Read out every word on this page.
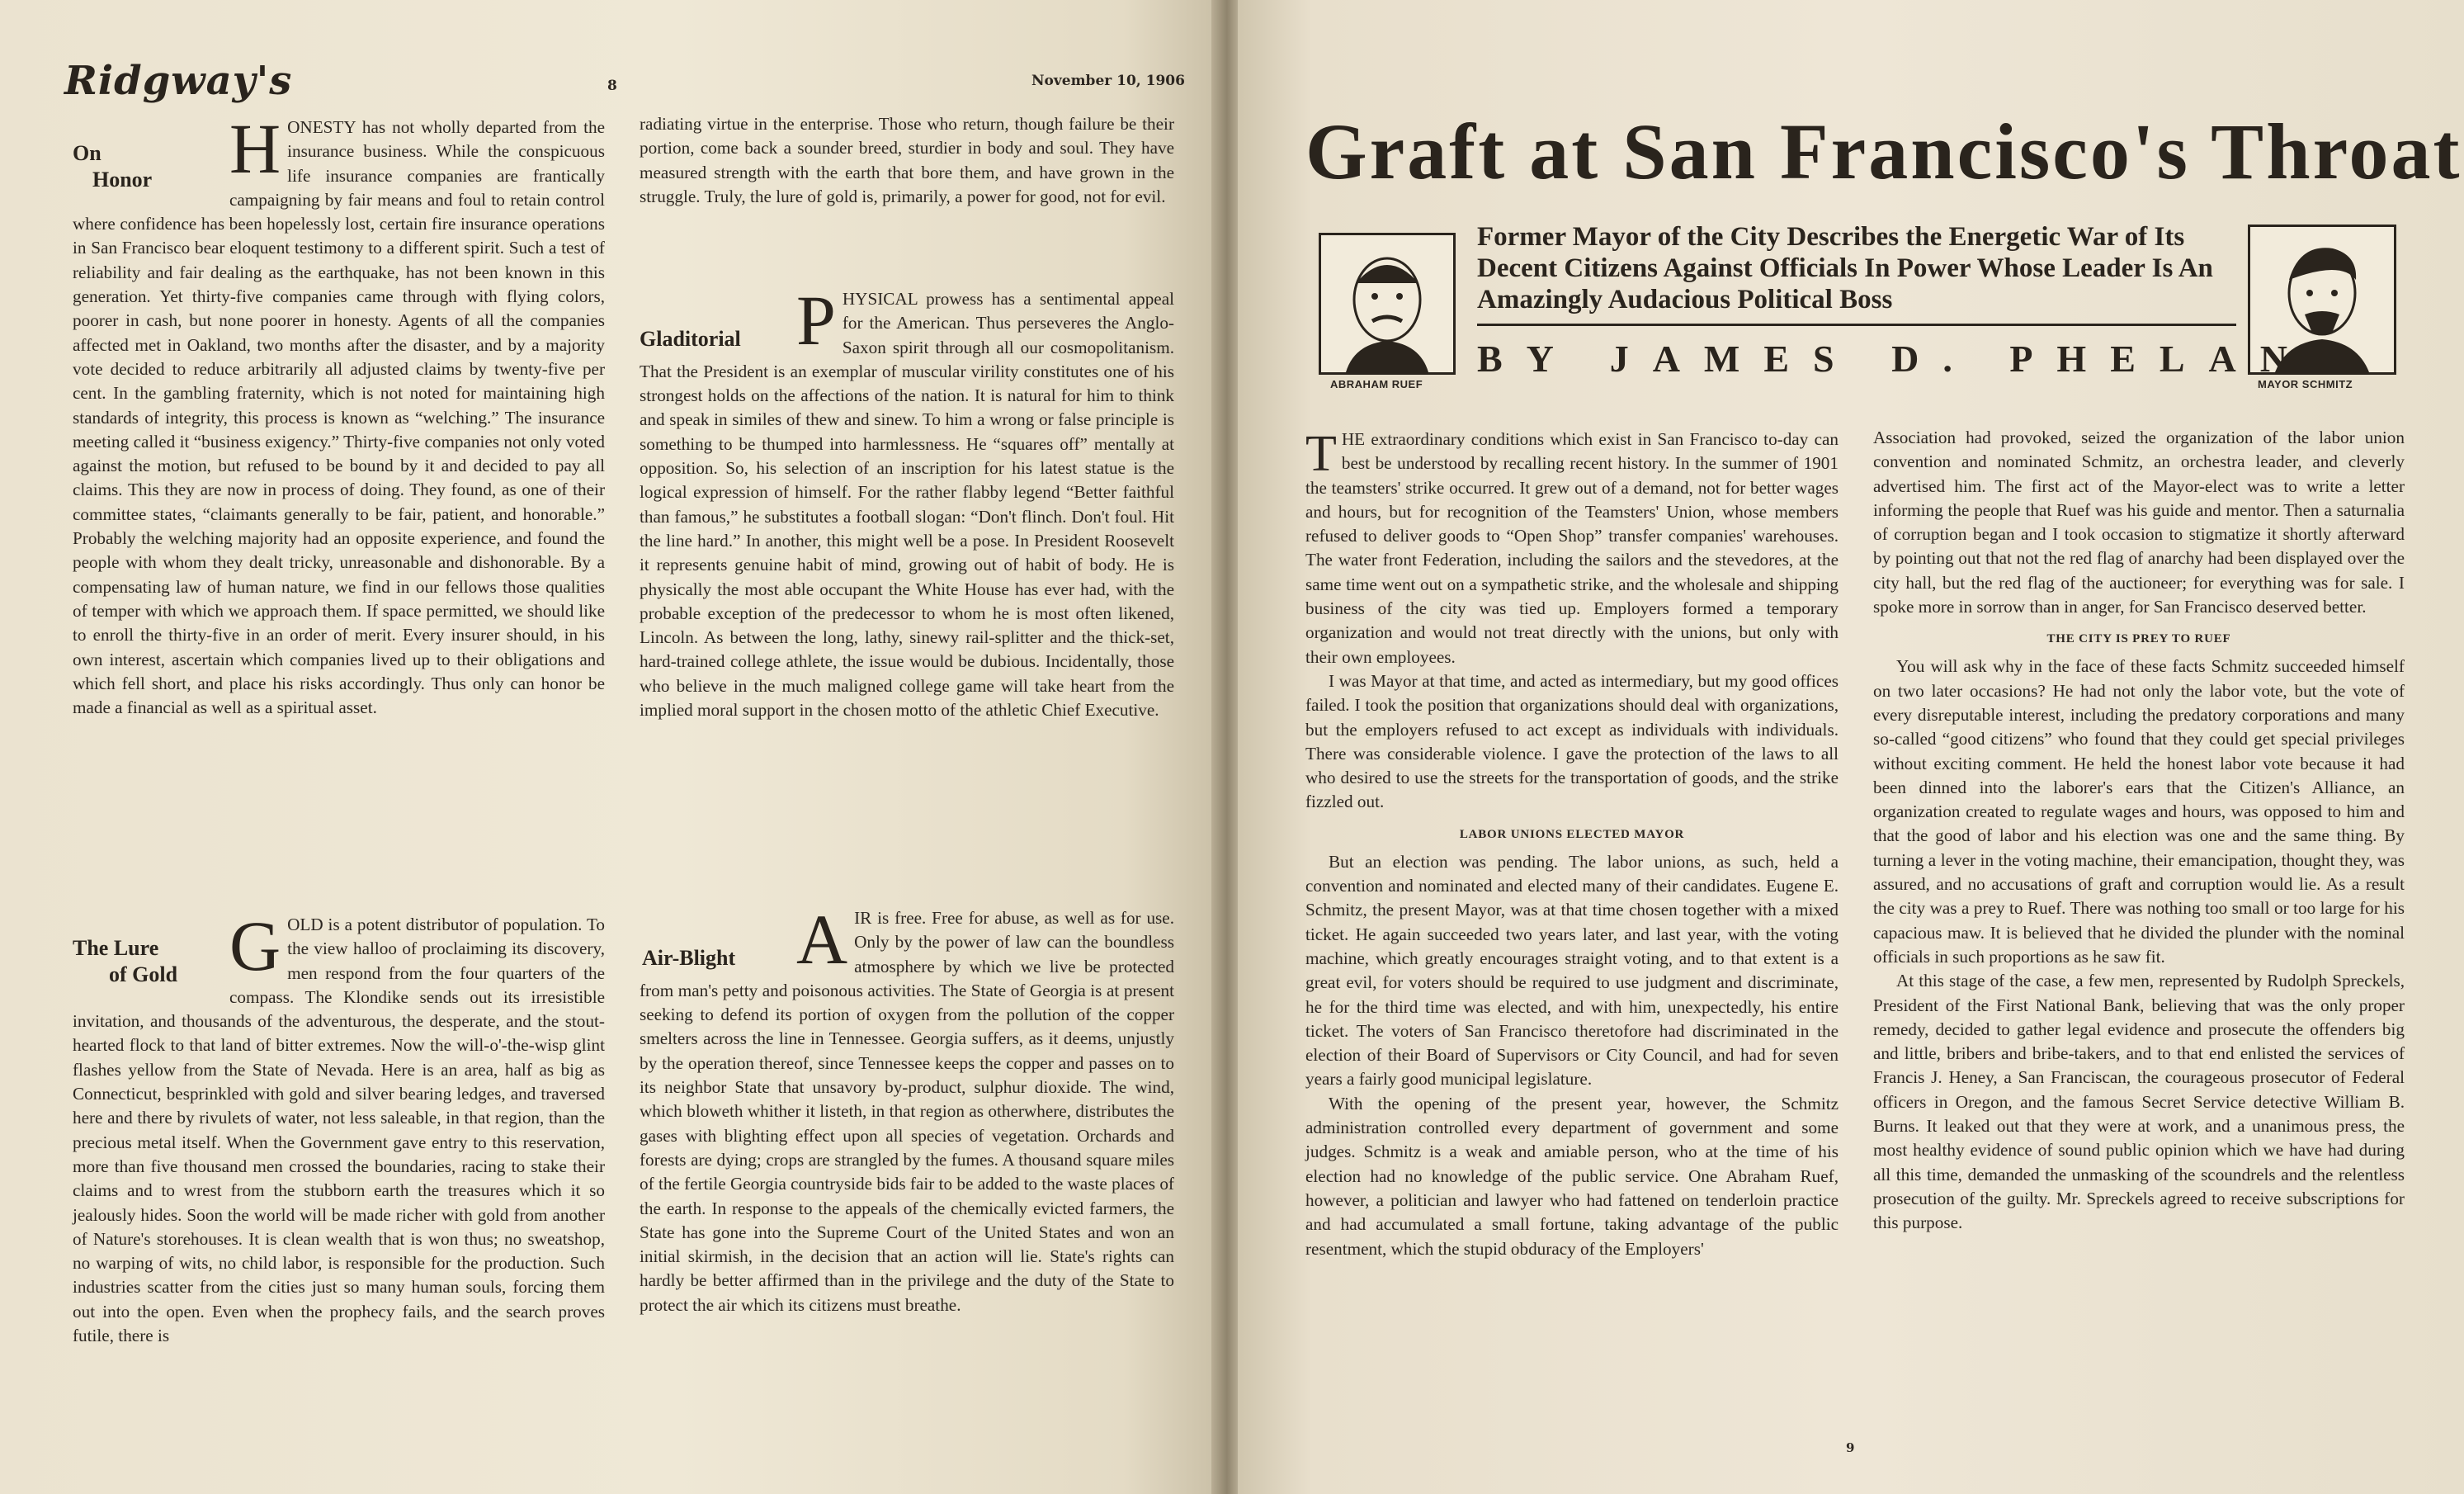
Ridgway's	8	November 10, 1906
On
Honor H ONESTY has not wholly departed from the insurance business. While the conspicuous life insurance companies are frantically campaigning by fair means and foul to retain control where confidence has been hopelessly lost, certain fire insurance operations in San Francisco bear eloquent testimony to a different spirit. Such a test of reliability and fair dealing as the earthquake, has not been known in this generation. Yet thirty-five companies came through with flying colors, poorer in cash, but none poorer in honesty. Agents of all the companies affected met in Oakland, two months after the disaster, and by a majority vote decided to reduce arbitrarily all adjusted claims by twenty-five per cent. In the gambling fraternity, which is not noted for maintaining high standards of integrity, this process is known as “welching.” The insurance meeting called it “business exigency.” Thirty-five companies not only voted against the motion, but refused to be bound by it and decided to pay all claims. This they are now in process of doing. They found, as one of their committee states, “claimants generally to be fair, patient, and honorable.” Probably the welching majority had an opposite experience, and found the people with whom they dealt tricky, unreasonable and dishonorable. By a compensating law of human nature, we find in our fellows those qualities of temper with which we approach them. If space permitted, we should like to enroll the thirty-five in an order of merit. Every insurer should, in his own interest, ascertain which companies lived up to their obligations and which fell short, and place his risks accordingly. Thus only can honor be made a financial as well as a spiritual asset.

The Lure
of Gold G OLD is a potent distributor of population. To the view halloo of proclaiming its discovery, men respond from the four quarters of the compass. The Klondike sends out its irresistible invitation, and thousands of the adventurous, the desperate, and the stout-hearted flock to that land of bitter extremes. Now the will-o'-the-wisp glint flashes yellow from the State of Nevada. Here is an area, half as big as Connecticut, besprinkled with gold and silver bearing ledges, and traversed here and there by rivulets of water, not less saleable, in that region, than the precious metal itself. When the Government gave entry to this reservation, more than five thousand men crossed the boundaries, racing to stake their claims and to wrest from the stubborn earth the treasures which it so jealously hides. Soon the world will be made richer with gold from another of Nature's storehouses. It is clean wealth that is won thus; no sweatshop, no warping of wits, no child labor, is responsible for the production. Such industries scatter from the cities just so many human souls, forcing them out into the open. Even when the prophecy fails, and the search proves futile, there is

radiating virtue in the enterprise. Those who return, though failure be their portion, come back a sounder breed, sturdier in body and soul. They have measured strength with the earth that bore them, and have grown in the struggle. Truly, the lure of gold is, primarily, a power for good, not for evil.

Gladitorial P HYSICAL prowess has a sentimental appeal for the American. Thus perseveres the Anglo-Saxon spirit through all our cosmopolitanism. That the President is an exemplar of muscular virility constitutes one of his strongest holds on the affections of the nation. It is natural for him to think and speak in similes of thew and sinew. To him a wrong or false principle is something to be thumped into harmlessness. He “squares off” mentally at opposition. So, his selection of an inscription for his latest statue is the logical expression of himself. For the rather flabby legend “Better faithful than famous,” he substitutes a football slogan: “Don't flinch. Don't foul. Hit the line hard.” In another, this might well be a pose. In President Roosevelt it represents genuine habit of mind, growing out of habit of body. He is physically the most able occupant the White House has ever had, with the probable exception of the predecessor to whom he is most often likened, Lincoln. As between the long, lathy, sinewy rail-splitter and the thick-set, hard-trained college athlete, the issue would be dubious. Incidentally, those who believe in the much maligned college game will take heart from the implied moral support in the chosen motto of the athletic Chief Executive.

Air-Blight A IR is free. Free for abuse, as well as for use. Only by the power of law can the boundless atmosphere by which we live be protected from man's petty and poisonous activities. The State of Georgia is at present seeking to defend its portion of oxygen from the pollution of the copper smelters across the line in Tennessee. Georgia suffers, as it deems, unjustly by the operation thereof, since Tennessee keeps the copper and passes on to its neighbor State that unsavory by-product, sulphur dioxide. The wind, which bloweth whither it listeth, in that region as otherwhere, distributes the gases with blighting effect upon all species of vegetation. Orchards and forests are dying; crops are strangled by the fumes. A thousand square miles of the fertile Georgia countryside bids fair to be added to the waste places of the earth. In response to the appeals of the chemically evicted farmers, the State has gone into the Supreme Court of the United States and won an initial skirmish, in the decision that an action will lie. State's rights can hardly be better affirmed than in the privilege and the duty of the State to protect the air which its citizens must breathe.

Graft at San Francisco's Throat
ABRAHAM RUEF	MAYOR SCHMITZ
Former Mayor of the City Describes the Energetic War of Its Decent Citizens Against Officials In Power Whose Leader Is An Amazingly Audacious Political Boss
BY JAMES D. PHELAN

T HE extraordinary conditions which exist in San Francisco to-day can best be understood by recalling recent history. In the summer of 1901 the teamsters' strike occurred. It grew out of a demand, not for better wages and hours, but for recognition of the Teamsters' Union, whose members refused to deliver goods to “Open Shop” transfer companies' warehouses. The water front Federation, including the sailors and the stevedores, at the same time went out on a sympathetic strike, and the wholesale and shipping business of the city was tied up. Employers formed a temporary organization and would not treat directly with the unions, but only with their own employees.

I was Mayor at that time, and acted as intermediary, but my good offices failed. I took the position that organizations should deal with organizations, but the employers refused to act except as individuals with individuals. There was considerable violence. I gave the protection of the laws to all who desired to use the streets for the transportation of goods, and the strike fizzled out.

LABOR UNIONS ELECTED MAYOR

But an election was pending. The labor unions, as such, held a convention and nominated and elected many of their candidates. Eugene E. Schmitz, the present Mayor, was at that time chosen together with a mixed ticket. He again succeeded two years later, and last year, with the voting machine, which greatly encourages straight voting, and to that extent is a great evil, for voters should be required to use judgment and discriminate, he for the third time was elected, and with him, unexpectedly, his entire ticket. The voters of San Francisco theretofore had discriminated in the election of their Board of Supervisors or City Council, and had for seven years a fairly good municipal legislature.

With the opening of the present year, however, the Schmitz administration controlled every department of government and some judges. Schmitz is a weak and amiable person, who at the time of his election had no knowledge of the public service. One Abraham Ruef, however, a politician and lawyer who had fattened on tenderloin practice and had accumulated a small fortune, taking advantage of the public resentment, which the stupid obduracy of the Employers'

Association had provoked, seized the organization of the labor union convention and nominated Schmitz, an orchestra leader, and cleverly advertised him. The first act of the Mayor-elect was to write a letter informing the people that Ruef was his guide and mentor. Then a saturnalia of corruption began and I took occasion to stigmatize it shortly afterward by pointing out that not the red flag of anarchy had been displayed over the city hall, but the red flag of the auctioneer; for everything was for sale. I spoke more in sorrow than in anger, for San Francisco deserved better.

THE CITY IS PREY TO RUEF

You will ask why in the face of these facts Schmitz succeeded himself on two later occasions? He had not only the labor vote, but the vote of every disreputable interest, including the predatory corporations and many so-called “good citizens” who found that they could get special privileges without exciting comment. He held the honest labor vote because it had been dinned into the laborer's ears that the Citizen's Alliance, an organization created to regulate wages and hours, was opposed to him and that the good of labor and his election was one and the same thing. By turning a lever in the voting machine, their emancipation, thought they, was assured, and no accusations of graft and corruption would lie. As a result the city was a prey to Ruef. There was nothing too small or too large for his capacious maw. It is believed that he divided the plunder with the nominal officials in such proportions as he saw fit.

At this stage of the case, a few men, represented by Rudolph Spreckels, President of the First National Bank, believing that was the only proper remedy, decided to gather legal evidence and prosecute the offenders big and little, bribers and bribe-takers, and to that end enlisted the services of Francis J. Heney, a San Franciscan, the courageous prosecutor of Federal officers in Oregon, and the famous Secret Service detective William B. Burns. It leaked out that they were at work, and a unanimous press, the most healthy evidence of sound public opinion which we have had during all this time, demanded the unmasking of the scoundrels and the relentless prosecution of the guilty. Mr. Spreckels agreed to receive subscriptions for this purpose.

9
